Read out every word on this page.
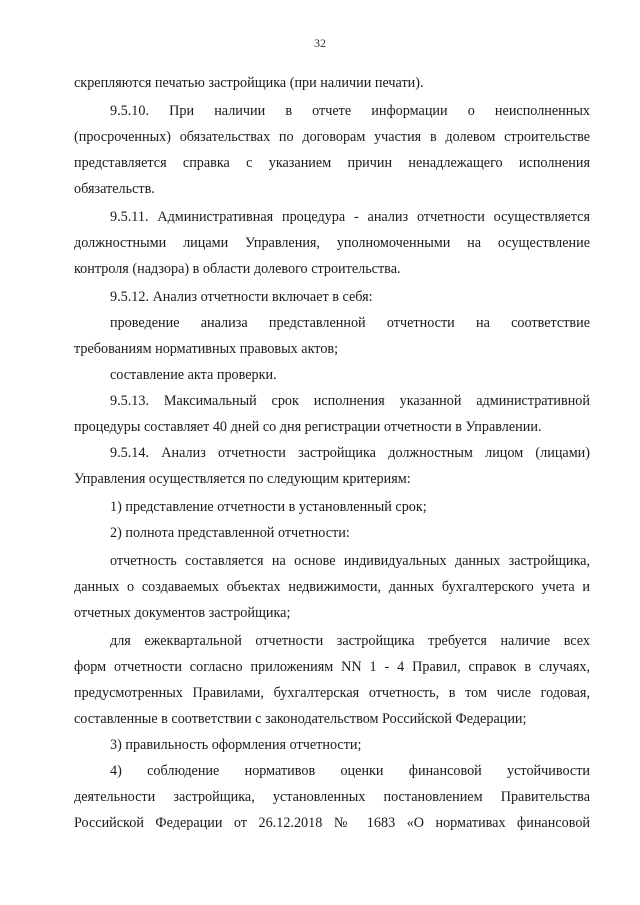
32

скрепляются печатью застройщика (при наличии печати).

9.5.10. При наличии в отчете информации о неисполненных

(просроченных) обязательствах по договорам участия в долевом строительстве

представляется справка с указанием причин ненадлежащего исполнения

обязательств.

9.5.11. Административная процедура - анализ отчетности осуществляется

должностными лицами Управления, уполномоченными на осуществление

контроля (надзора) в области долевого строительства.

9.5.12. Анализ отчетности включает в себя:

проведение анализа представленной отчетности на соответствие

требованиям нормативных правовых актов;

составление акта проверки.

9.5.13. Максимальный срок исполнения указанной административной

процедуры составляет 40 дней со дня регистрации отчетности в Управлении.

9.5.14. Анализ отчетности застройщика должностным лицом (лицами)

Управления осуществляется по следующим критериям:

1) представление отчетности в установленный срок;

2) полнота представленной отчетности:

отчетность составляется на основе индивидуальных данных застройщика,

данных о создаваемых объектах недвижимости, данных бухгалтерского учета и

отчетных документов застройщика;

для ежеквартальной отчетности застройщика требуется наличие всех

форм отчетности согласно приложениям NN 1 - 4 Правил, справок в случаях,

предусмотренных Правилами, бухгалтерская отчетность, в том числе годовая,

составленные в соответствии с законодательством Российской Федерации;

3) правильность оформления отчетности;

4) соблюдение нормативов оценки финансовой устойчивости

деятельности застройщика, установленных постановлением Правительства

Российской Федерации от 26.12.2018 № 1683 «О нормативах финансовой
